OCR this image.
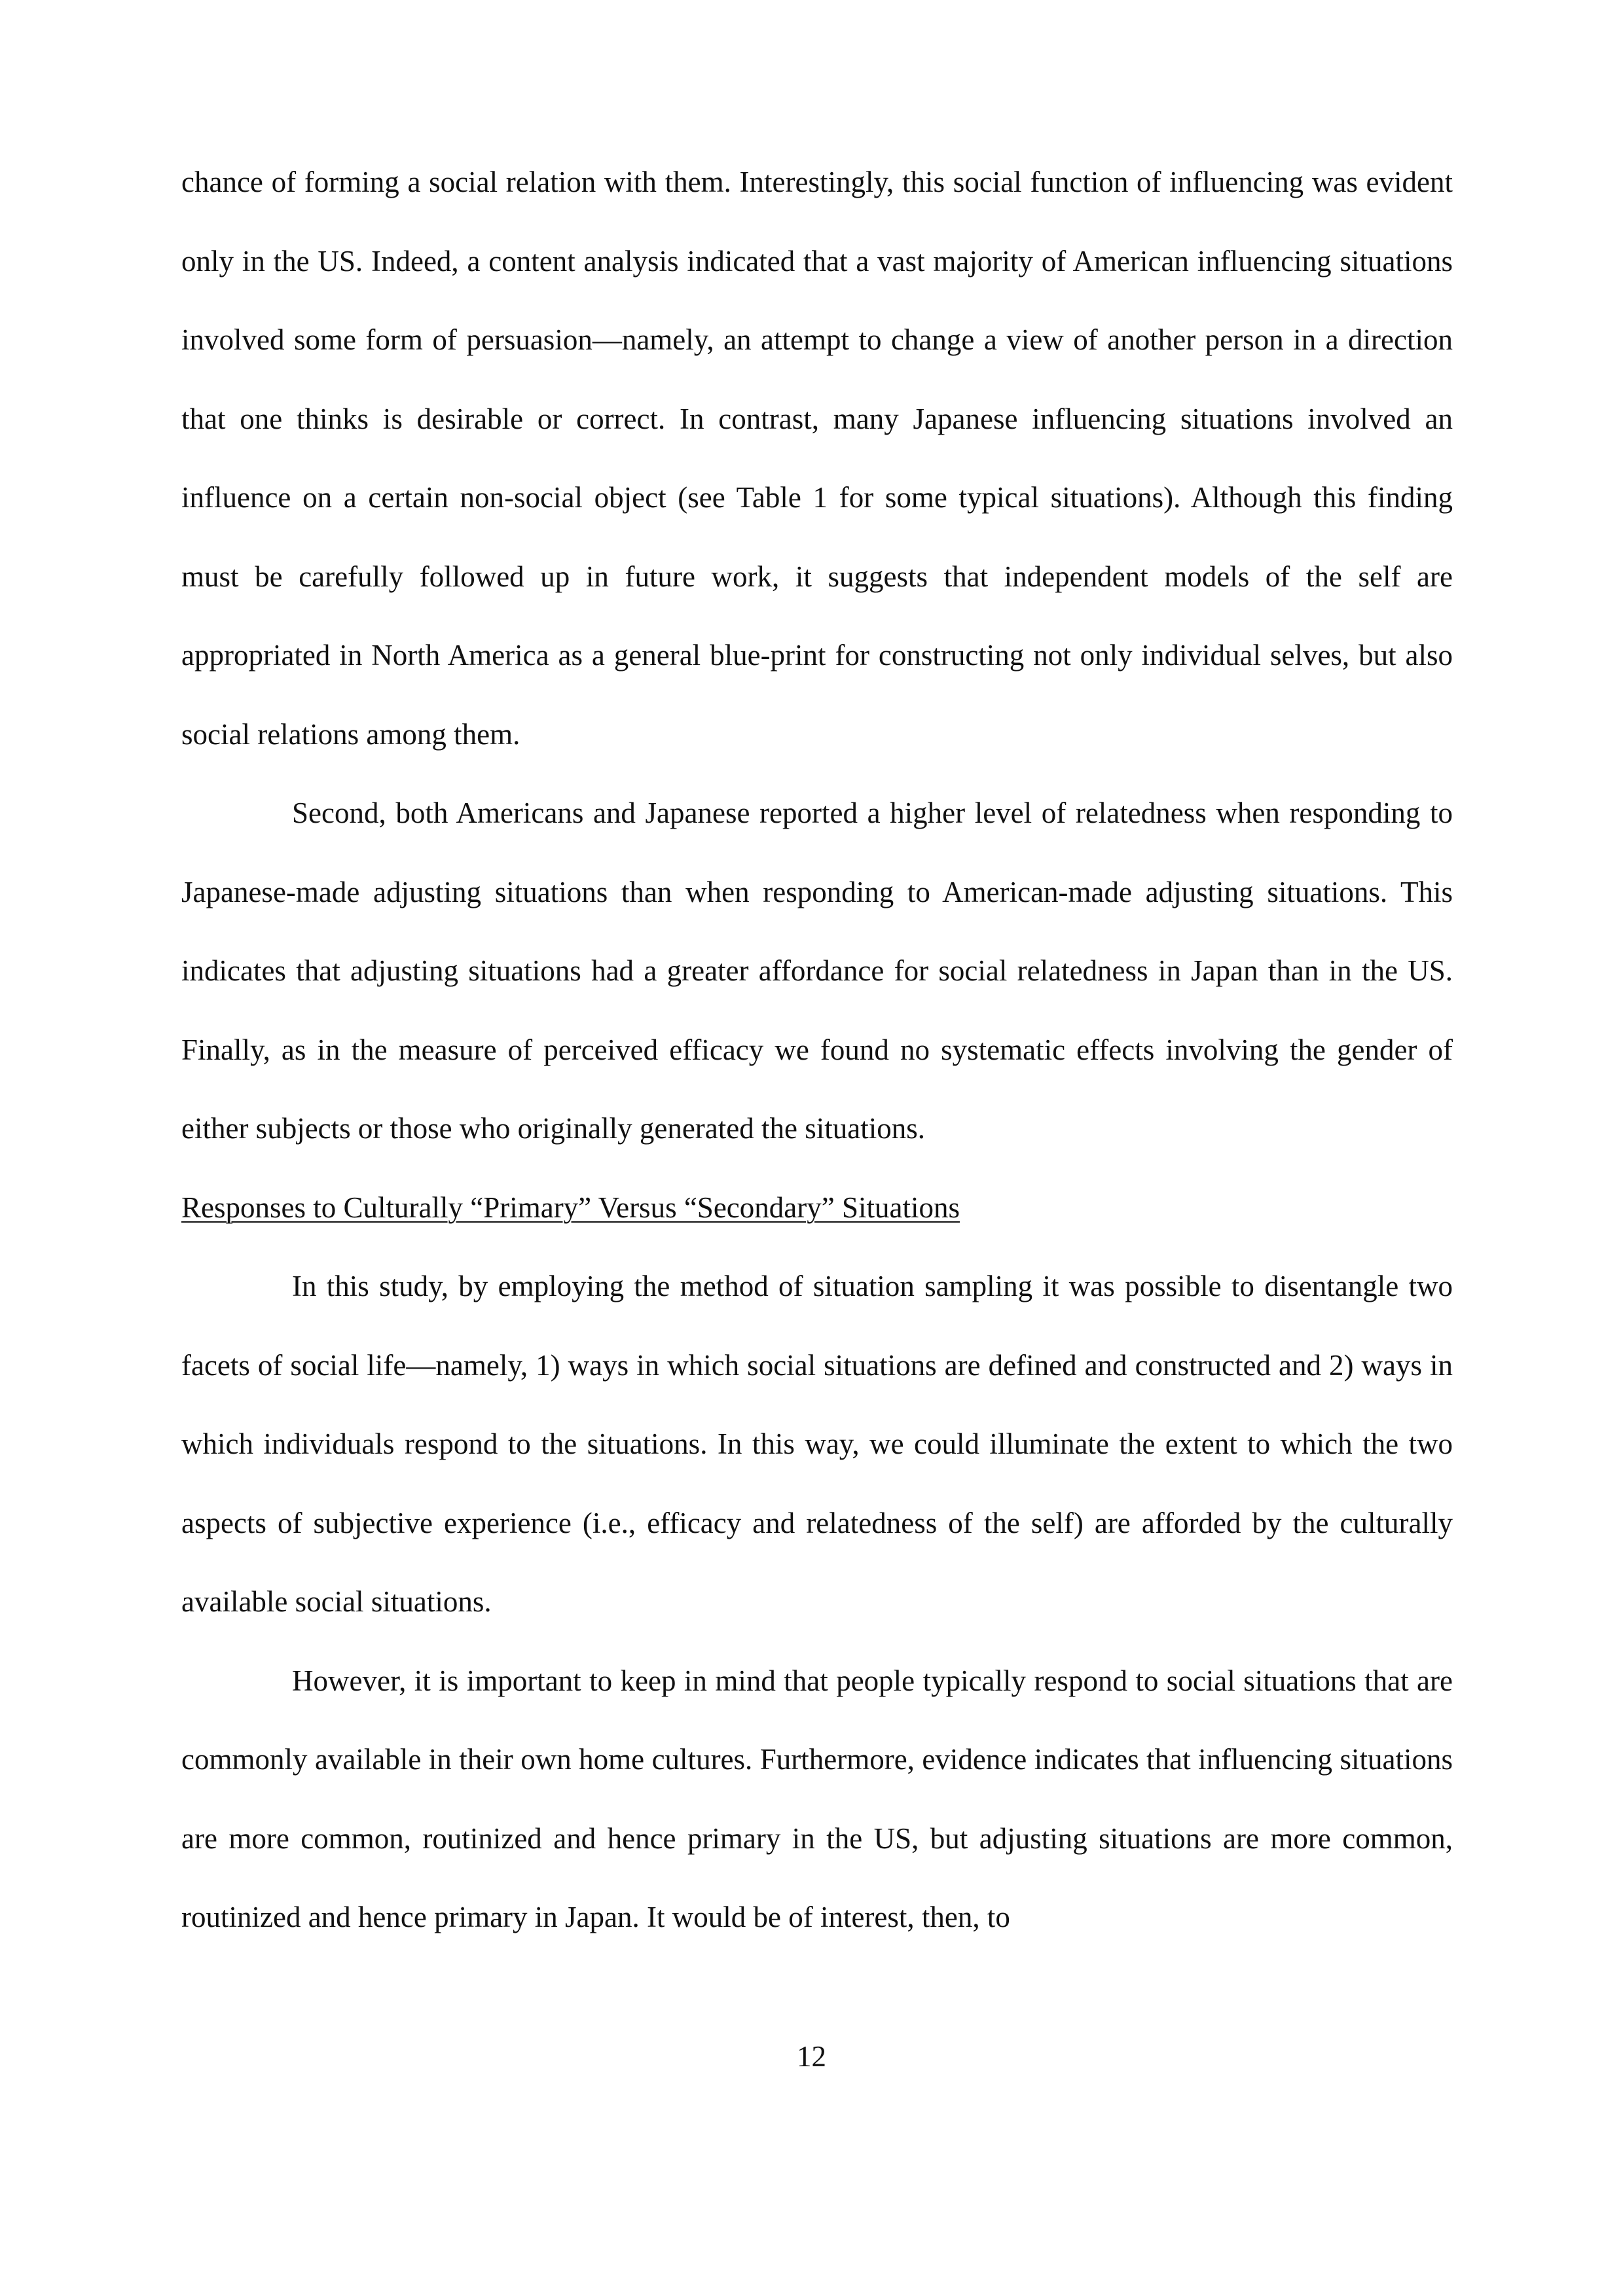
chance of forming a social relation with them. Interestingly, this social function of influencing was evident only in the US. Indeed, a content analysis indicated that a vast majority of American influencing situations involved some form of persuasion—namely, an attempt to change a view of another person in a direction that one thinks is desirable or correct. In contrast, many Japanese influencing situations involved an influence on a certain non-social object (see Table 1 for some typical situations). Although this finding must be carefully followed up in future work, it suggests that independent models of the self are appropriated in North America as a general blue-print for constructing not only individual selves, but also social relations among them.

Second, both Americans and Japanese reported a higher level of relatedness when responding to Japanese-made adjusting situations than when responding to American-made adjusting situations. This indicates that adjusting situations had a greater affordance for social relatedness in Japan than in the US. Finally, as in the measure of perceived efficacy we found no systematic effects involving the gender of either subjects or those who originally generated the situations.

Responses to Culturally “Primary” Versus “Secondary” Situations

In this study, by employing the method of situation sampling it was possible to disentangle two facets of social life—namely, 1) ways in which social situations are defined and constructed and 2) ways in which individuals respond to the situations. In this way, we could illuminate the extent to which the two aspects of subjective experience (i.e., efficacy and relatedness of the self) are afforded by the culturally available social situations.

However, it is important to keep in mind that people typically respond to social situations that are commonly available in their own home cultures. Furthermore, evidence indicates that influencing situations are more common, routinized and hence primary in the US, but adjusting situations are more common, routinized and hence primary in Japan. It would be of interest, then, to

12
